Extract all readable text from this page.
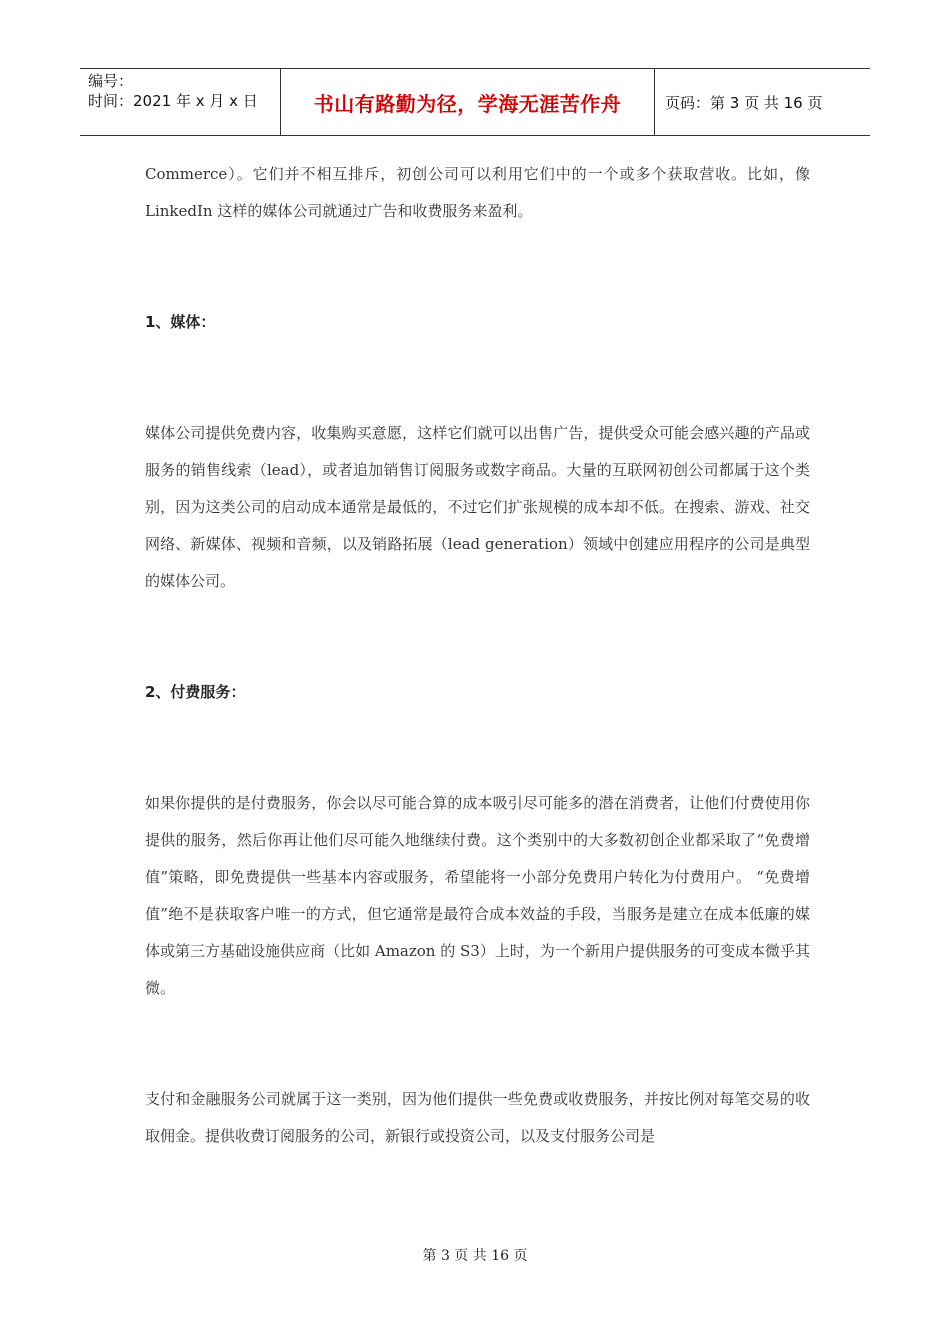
编号：
时间：2021 年 x 月 x 日	书山有路勤为径，学海无涯苦作舟	页码：第 3 页 共 16 页

Commerce）。它们并不相互排斥，初创公司可以利用它们中的一个或多个获取营收。比如，像 LinkedIn 这样的媒体公司就通过广告和收费服务来盈利。

1、媒体：

媒体公司提供免费内容，收集购买意愿，这样它们就可以出售广告，提供受众可能会感兴趣的产品或服务的销售线索（lead），或者追加销售订阅服务或数字商品。大量的互联网初创公司都属于这个类别，因为这类公司的启动成本通常是最低的，不过它们扩张规模的成本却不低。在搜索、游戏、社交网络、新媒体、视频和音频，以及销路拓展（lead generation）领域中创建应用程序的公司是典型的媒体公司。

2、付费服务：

如果你提供的是付费服务，你会以尽可能合算的成本吸引尽可能多的潜在消费者，让他们付费使用你提供的服务，然后你再让他们尽可能久地继续付费。这个类别中的大多数初创企业都采取了“免费增值”策略，即免费提供一些基本内容或服务，希望能将一小部分免费用户转化为付费用户。 “免费增值”绝不是获取客户唯一的方式，但它通常是最符合成本效益的手段，当服务是建立在成本低廉的媒体或第三方基础设施供应商（比如 Amazon 的 S3）上时，为一个新用户提供服务的可变成本微乎其微。

支付和金融服务公司就属于这一类别，因为他们提供一些免费或收费服务，并按比例对每笔交易的收取佣金。提供收费订阅服务的公司，新银行或投资公司，以及支付服务公司是

第 3 页 共 16 页
